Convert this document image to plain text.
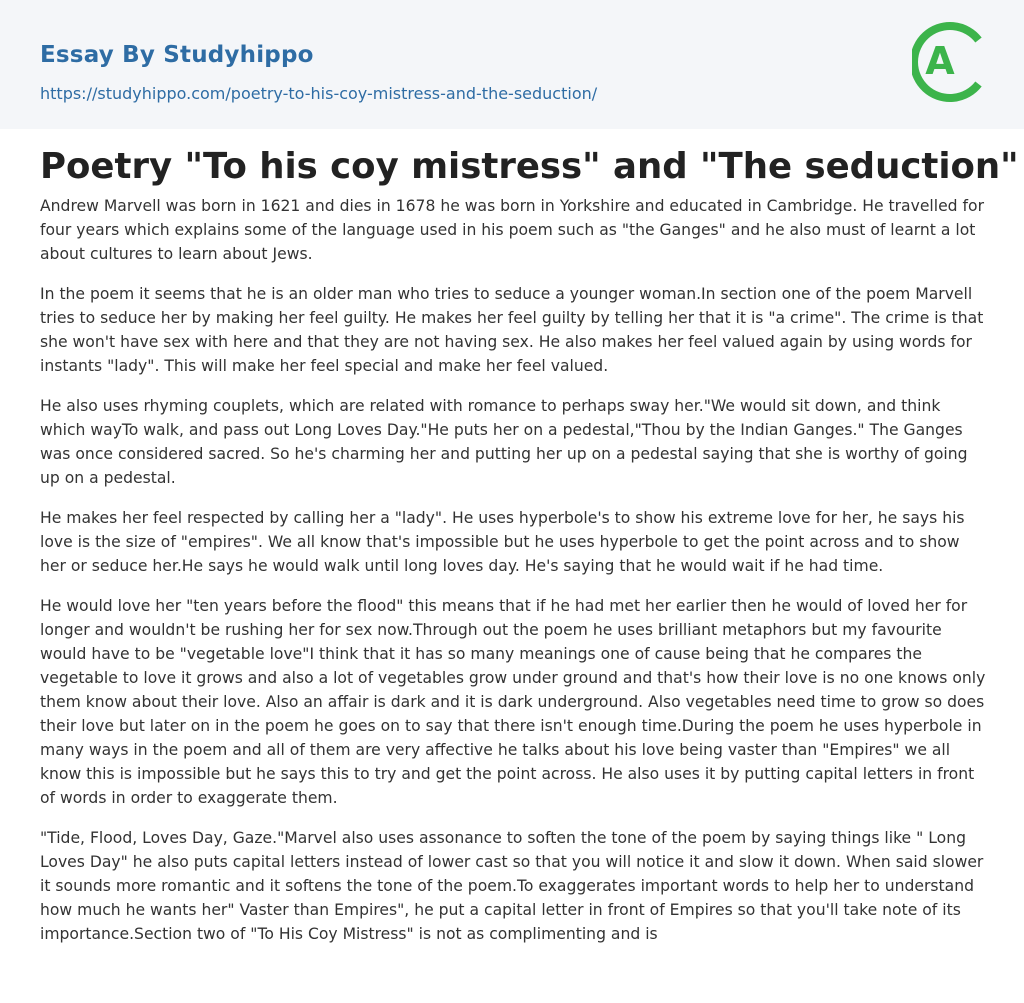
Essay By Studyhippo
https://studyhippo.com/poetry-to-his-coy-mistress-and-the-seduction/
A
Poetry "To his coy mistress" and "The seduction"

Andrew Marvell was born in 1621 and dies in 1678 he was born in Yorkshire and educated in Cambridge. He travelled for four years which explains some of the language used in his poem such as "the Ganges" and he also must of learnt a lot about cultures to learn about Jews.

In the poem it seems that he is an older man who tries to seduce a younger woman.In section one of the poem Marvell tries to seduce her by making her feel guilty. He makes her feel guilty by telling her that it is "a crime". The crime is that she won't have sex with here and that they are not having sex. He also makes her feel valued again by using words for instants "lady". This will make her feel special and make her feel valued.

He also uses rhyming couplets, which are related with romance to perhaps sway her."We would sit down, and think which wayTo walk, and pass out Long Loves Day."He puts her on a pedestal,"Thou by the Indian Ganges." The Ganges was once considered sacred. So he's charming her and putting her up on a pedestal saying that she is worthy of going up on a pedestal.

He makes her feel respected by calling her a "lady". He uses hyperbole's to show his extreme love for her, he says his love is the size of "empires". We all know that's impossible but he uses hyperbole to get the point across and to show her or seduce her.He says he would walk until long loves day. He's saying that he would wait if he had time.

He would love her "ten years before the flood" this means that if he had met her earlier then he would of loved her for longer and wouldn't be rushing her for sex now.Through out the poem he uses brilliant metaphors but my favourite would have to be "vegetable love"I think that it has so many meanings one of cause being that he compares the vegetable to love it grows and also a lot of vegetables grow under ground and that's how their love is no one knows only them know about their love. Also an affair is dark and it is dark underground. Also vegetables need time to grow so does their love but later on in the poem he goes on to say that there isn't enough time.During the poem he uses hyperbole in many ways in the poem and all of them are very affective he talks about his love being vaster than "Empires" we all know this is impossible but he says this to try and get the point across. He also uses it by putting capital letters in front of words in order to exaggerate them.

"Tide, Flood, Loves Day, Gaze."Marvel also uses assonance to soften the tone of the poem by saying things like " Long Loves Day" he also puts capital letters instead of lower cast so that you will notice it and slow it down. When said slower it sounds more romantic and it softens the tone of the poem.To exaggerates important words to help her to understand how much he wants her" Vaster than Empires", he put a capital letter in front of Empires so that you'll take note of its importance.Section two of "To His Coy Mistress" is not as complimenting and is
